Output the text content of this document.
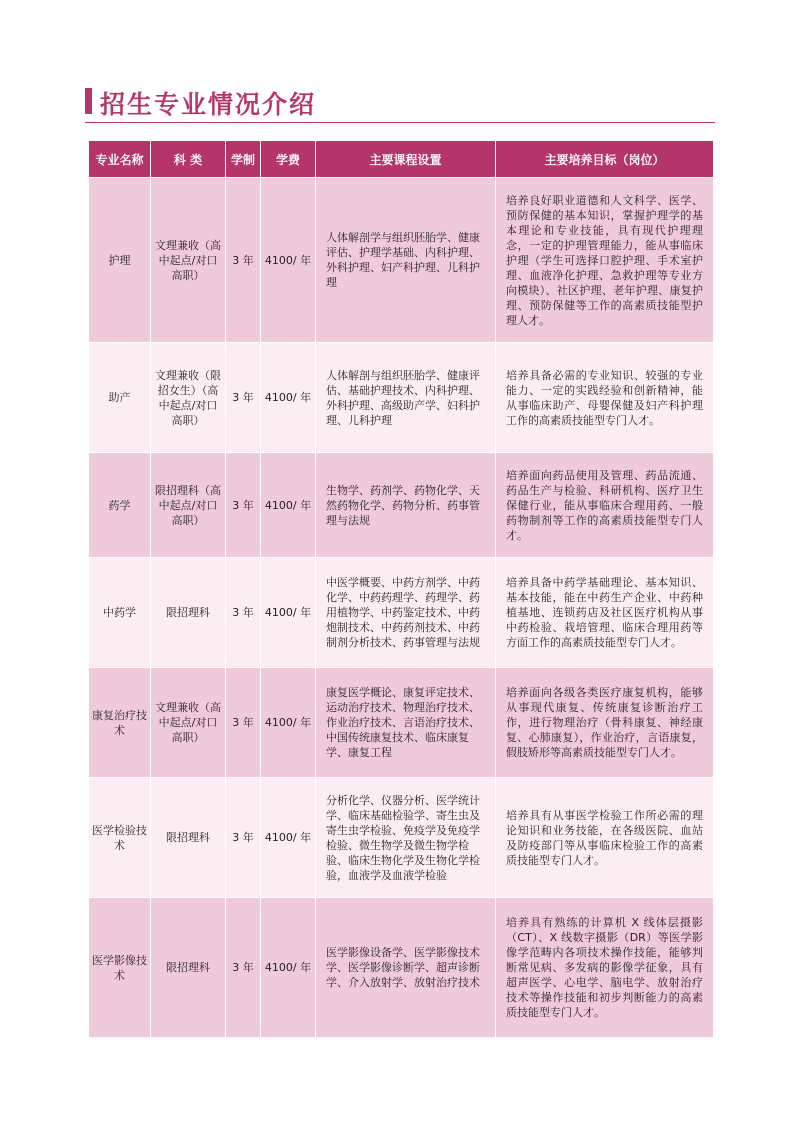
招生专业情况介绍
专业名称	科 类	学制	学费	主要课程设置	主要培养目标（岗位）
护理	文理兼收（高中起点/对口高职）	3 年	4100/ 年	人体解剖学与组织胚胎学、健康评估、护理学基础、内科护理、外科护理、妇产科护理、儿科护理	培养良好职业道德和人文科学、医学、预防保健的基本知识，掌握护理学的基本理论和专业技能，具有现代护理理念，一定的护理管理能力，能从事临床护理（学生可选择口腔护理、手术室护理、血液净化护理、急救护理等专业方向模块）、社区护理、老年护理、康复护理、预防保健等工作的高素质技能型护理人才。
助产	文理兼收（限招女生）（高中起点/对口高职）	3 年	4100/ 年	人体解剖与组织胚胎学、健康评估、基础护理技术、内科护理、外科护理、高级助产学、妇科护理、儿科护理	培养具备必需的专业知识、较强的专业能力、一定的实践经验和创新精神，能从事临床助产、母婴保健及妇产科护理工作的高素质技能型专门人才。
药学	限招理科（高中起点/对口高职）	3 年	4100/ 年	生物学、药剂学、药物化学、天然药物化学、药物分析、药事管理与法规	培养面向药品使用及管理、药品流通、药品生产与检验、科研机构、医疗卫生保健行业，能从事临床合理用药、一般药物制剂等工作的高素质技能型专门人才。
中药学	限招理科	3 年	4100/ 年	中医学概要、中药方剂学、中药化学、中药药理学、药理学、药用植物学、中药鉴定技术、中药炮制技术、中药药剂技术、中药制剂分析技术、药事管理与法规	培养具备中药学基础理论、基本知识、基本技能，能在中药生产企业、中药种植基地、连锁药店及社区医疗机构从事中药检验、栽培管理、临床合理用药等方面工作的高素质技能型专门人才。
康复治疗技术	文理兼收（高中起点/对口高职）	3 年	4100/ 年	康复医学概论、康复评定技术、运动治疗技术、物理治疗技术、作业治疗技术、言语治疗技术、中国传统康复技术、临床康复学、康复工程	培养面向各级各类医疗康复机构，能够从事现代康复、传统康复诊断治疗工作，进行物理治疗（骨科康复、神经康复、心肺康复），作业治疗，言语康复，假肢矫形等高素质技能型专门人才。
医学检验技术	限招理科	3 年	4100/ 年	分析化学、仪器分析、医学统计学、临床基础检验学、寄生虫及寄生虫学检验、免疫学及免疫学检验、微生物学及微生物学检验、临床生物化学及生物化学检验，血液学及血液学检验	培养具有从事医学检验工作所必需的理论知识和业务技能，在各级医院、血站及防疫部门等从事临床检验工作的高素质技能型专门人才。
医学影像技术	限招理科	3 年	4100/ 年	医学影像设备学、医学影像技术学、医学影像诊断学、超声诊断学、介入放射学、放射治疗技术	培养具有熟练的计算机 X 线体层摄影（CT）、X 线数字摄影（DR）等医学影像学范畴内各项技术操作技能，能够判断常见病、多发病的影像学征象，具有超声医学、心电学、脑电学、放射治疗技术等操作技能和初步判断能力的高素质技能型专门人才。
